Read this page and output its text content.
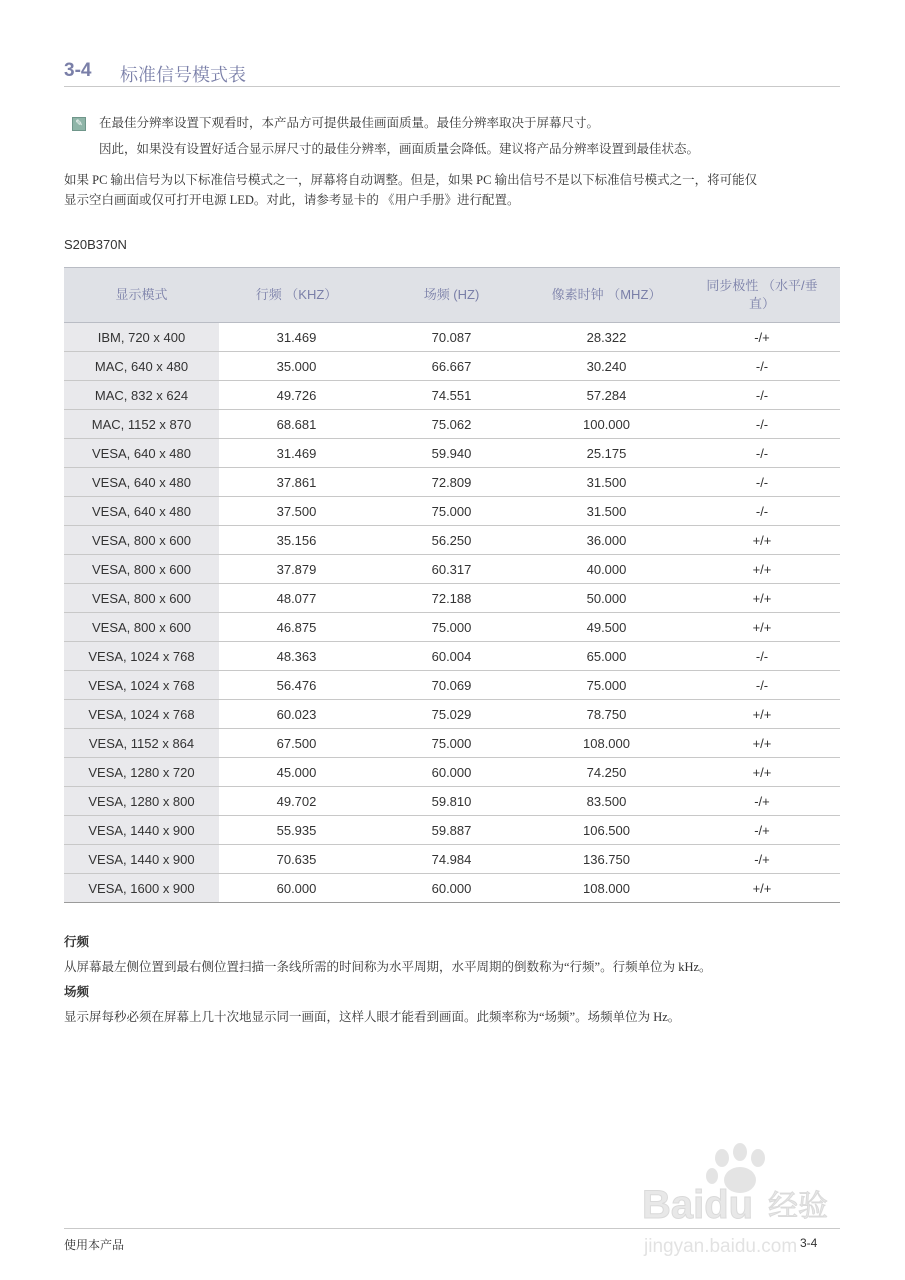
3-4 标准信号模式表
✎ 在最佳分辨率设置下观看时，本产品方可提供最佳画面质量。最佳分辨率取决于屏幕尺寸。
因此，如果没有设置好适合显示屏尺寸的最佳分辨率，画面质量会降低。建议将产品分辨率设置到最佳状态。
如果 PC 输出信号为以下标准信号模式之一，屏幕将自动调整。但是，如果 PC 输出信号不是以下标准信号模式之一，将可能仅
显示空白画面或仅可打开电源 LED。对此，请参考显卡的 《用户手册》进行配置。
S20B370N
显示模式	行频 （KHZ）	场频 (HZ)	像素时钟 （MHZ）	同步极性 （水平/垂直）
IBM, 720 x 400	31.469	70.087	28.322	-/+
MAC, 640 x 480	35.000	66.667	30.240	-/-
MAC, 832 x 624	49.726	74.551	57.284	-/-
MAC, 1152 x 870	68.681	75.062	100.000	-/-
VESA, 640 x 480	31.469	59.940	25.175	-/-
VESA, 640 x 480	37.861	72.809	31.500	-/-
VESA, 640 x 480	37.500	75.000	31.500	-/-
VESA, 800 x 600	35.156	56.250	36.000	+/+
VESA, 800 x 600	37.879	60.317	40.000	+/+
VESA, 800 x 600	48.077	72.188	50.000	+/+
VESA, 800 x 600	46.875	75.000	49.500	+/+
VESA, 1024 x 768	48.363	60.004	65.000	-/-
VESA, 1024 x 768	56.476	70.069	75.000	-/-
VESA, 1024 x 768	60.023	75.029	78.750	+/+
VESA, 1152 x 864	67.500	75.000	108.000	+/+
VESA, 1280 x 720	45.000	60.000	74.250	+/+
VESA, 1280 x 800	49.702	59.810	83.500	-/+
VESA, 1440 x 900	55.935	59.887	106.500	-/+
VESA, 1440 x 900	70.635	74.984	136.750	-/+
VESA, 1600 x 900	60.000	60.000	108.000	+/+
行频
从屏幕最左侧位置到最右侧位置扫描一条线所需的时间称为水平周期，水平周期的倒数称为“行频”。行频单位为 kHz。
场频
显示屏每秒必须在屏幕上几十次地显示同一画面，这样人眼才能看到画面。此频率称为“场频”。场频单位为 Hz。
Baidu 经验
jingyan.baidu.com
使用本产品	3-4
